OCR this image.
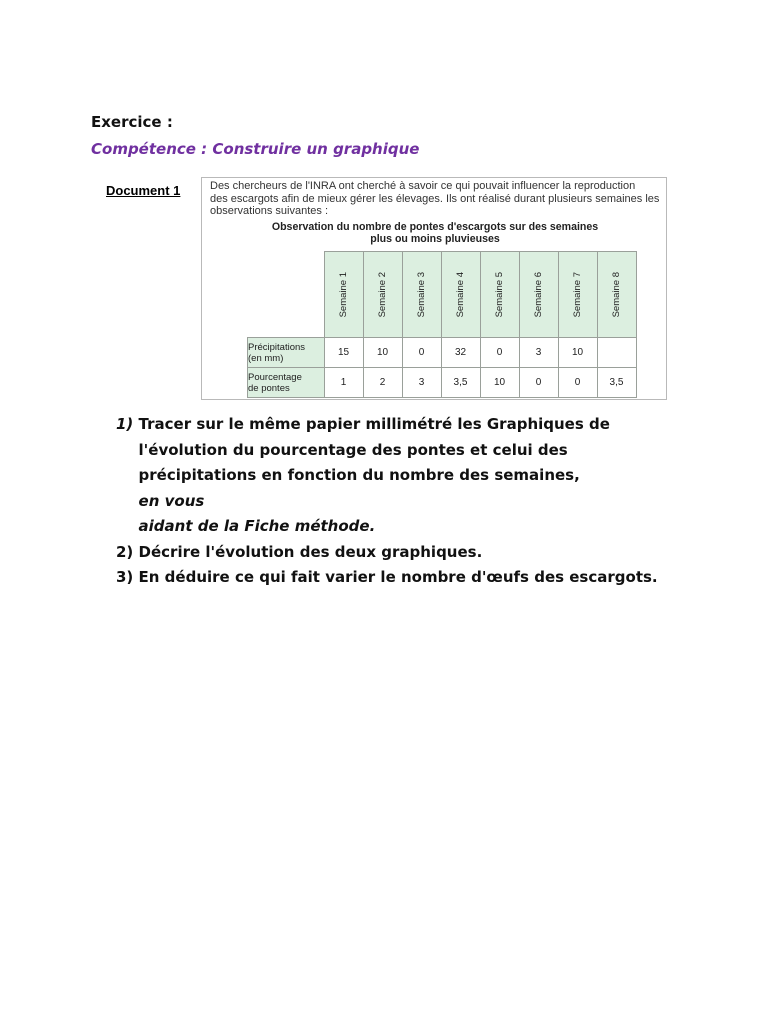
Exercice :
Compétence : Construire un graphique
Document 1	Des chercheurs de l'INRA ont cherché à savoir ce qui pouvait influencer la reproduction
des escargots afin de mieux gérer les élevages. Ils ont réalisé durant plusieurs semaines les
observations suivantes :
Observation du nombre de pontes d'escargots sur des semaines
plus ou moins pluvieuses

	Semaine 1	Semaine 2	Semaine 3	Semaine 4	Semaine 5	Semaine 6	Semaine 7	Semaine 8

Précipitations
(en mm)	15	10	0	32	0	3	10	

Pourcentage
de pontes	1	2	3	3,5	10	0	0	3,5
1) Tracer sur le même papier millimétré les Graphiques de
l'évolution du pourcentage des pontes et celui des
précipitations en fonction du nombre des semaines,
en vous
aidant de la Fiche méthode.
2) Décrire l'évolution des deux graphiques.
3) En déduire ce qui fait varier le nombre d'œufs des escargots.
